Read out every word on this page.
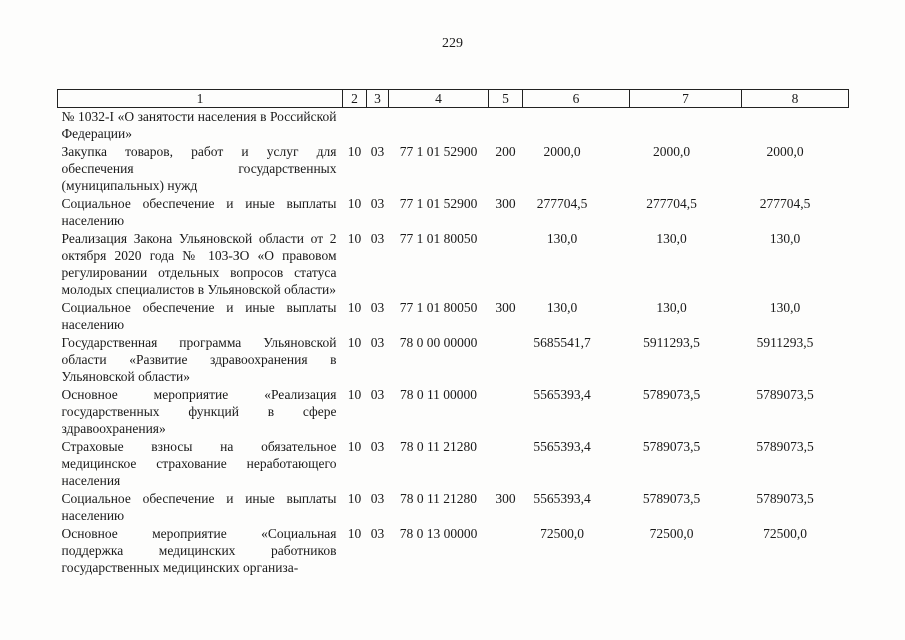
229
1	2	3	4	5	6	7	8
№ 1032-I «О занятости населения в Российской Федерации»							
Закупка товаров, работ и услуг для обеспечения государственных (муниципальных) нужд	10	03	77 1 01 52900	200	2000,0	2000,0	2000,0
Социальное обеспечение и иные выплаты населению	10	03	77 1 01 52900	300	277704,5	277704,5	277704,5
Реализация Закона Ульяновской области от 2 октября 2020 года № 103-ЗО «О правовом регулировании отдельных вопросов статуса молодых специалистов в Ульяновской области»	10	03	77 1 01 80050		130,0	130,0	130,0
Социальное обеспечение и иные выплаты населению	10	03	77 1 01 80050	300	130,0	130,0	130,0
Государственная программа Ульяновской области «Развитие здравоохранения в Ульяновской области»	10	03	78 0 00 00000		5685541,7	5911293,5	5911293,5
Основное мероприятие «Реализация государственных функций в сфере здравоохранения»	10	03	78 0 11 00000		5565393,4	5789073,5	5789073,5
Страховые взносы на обязательное медицинское страхование неработающего населения	10	03	78 0 11 21280		5565393,4	5789073,5	5789073,5
Социальное обеспечение и иные выплаты населению	10	03	78 0 11 21280	300	5565393,4	5789073,5	5789073,5
Основное мероприятие «Социальная поддержка медицинских работников государственных медицинских организа-	10	03	78 0 13 00000		72500,0	72500,0	72500,0
